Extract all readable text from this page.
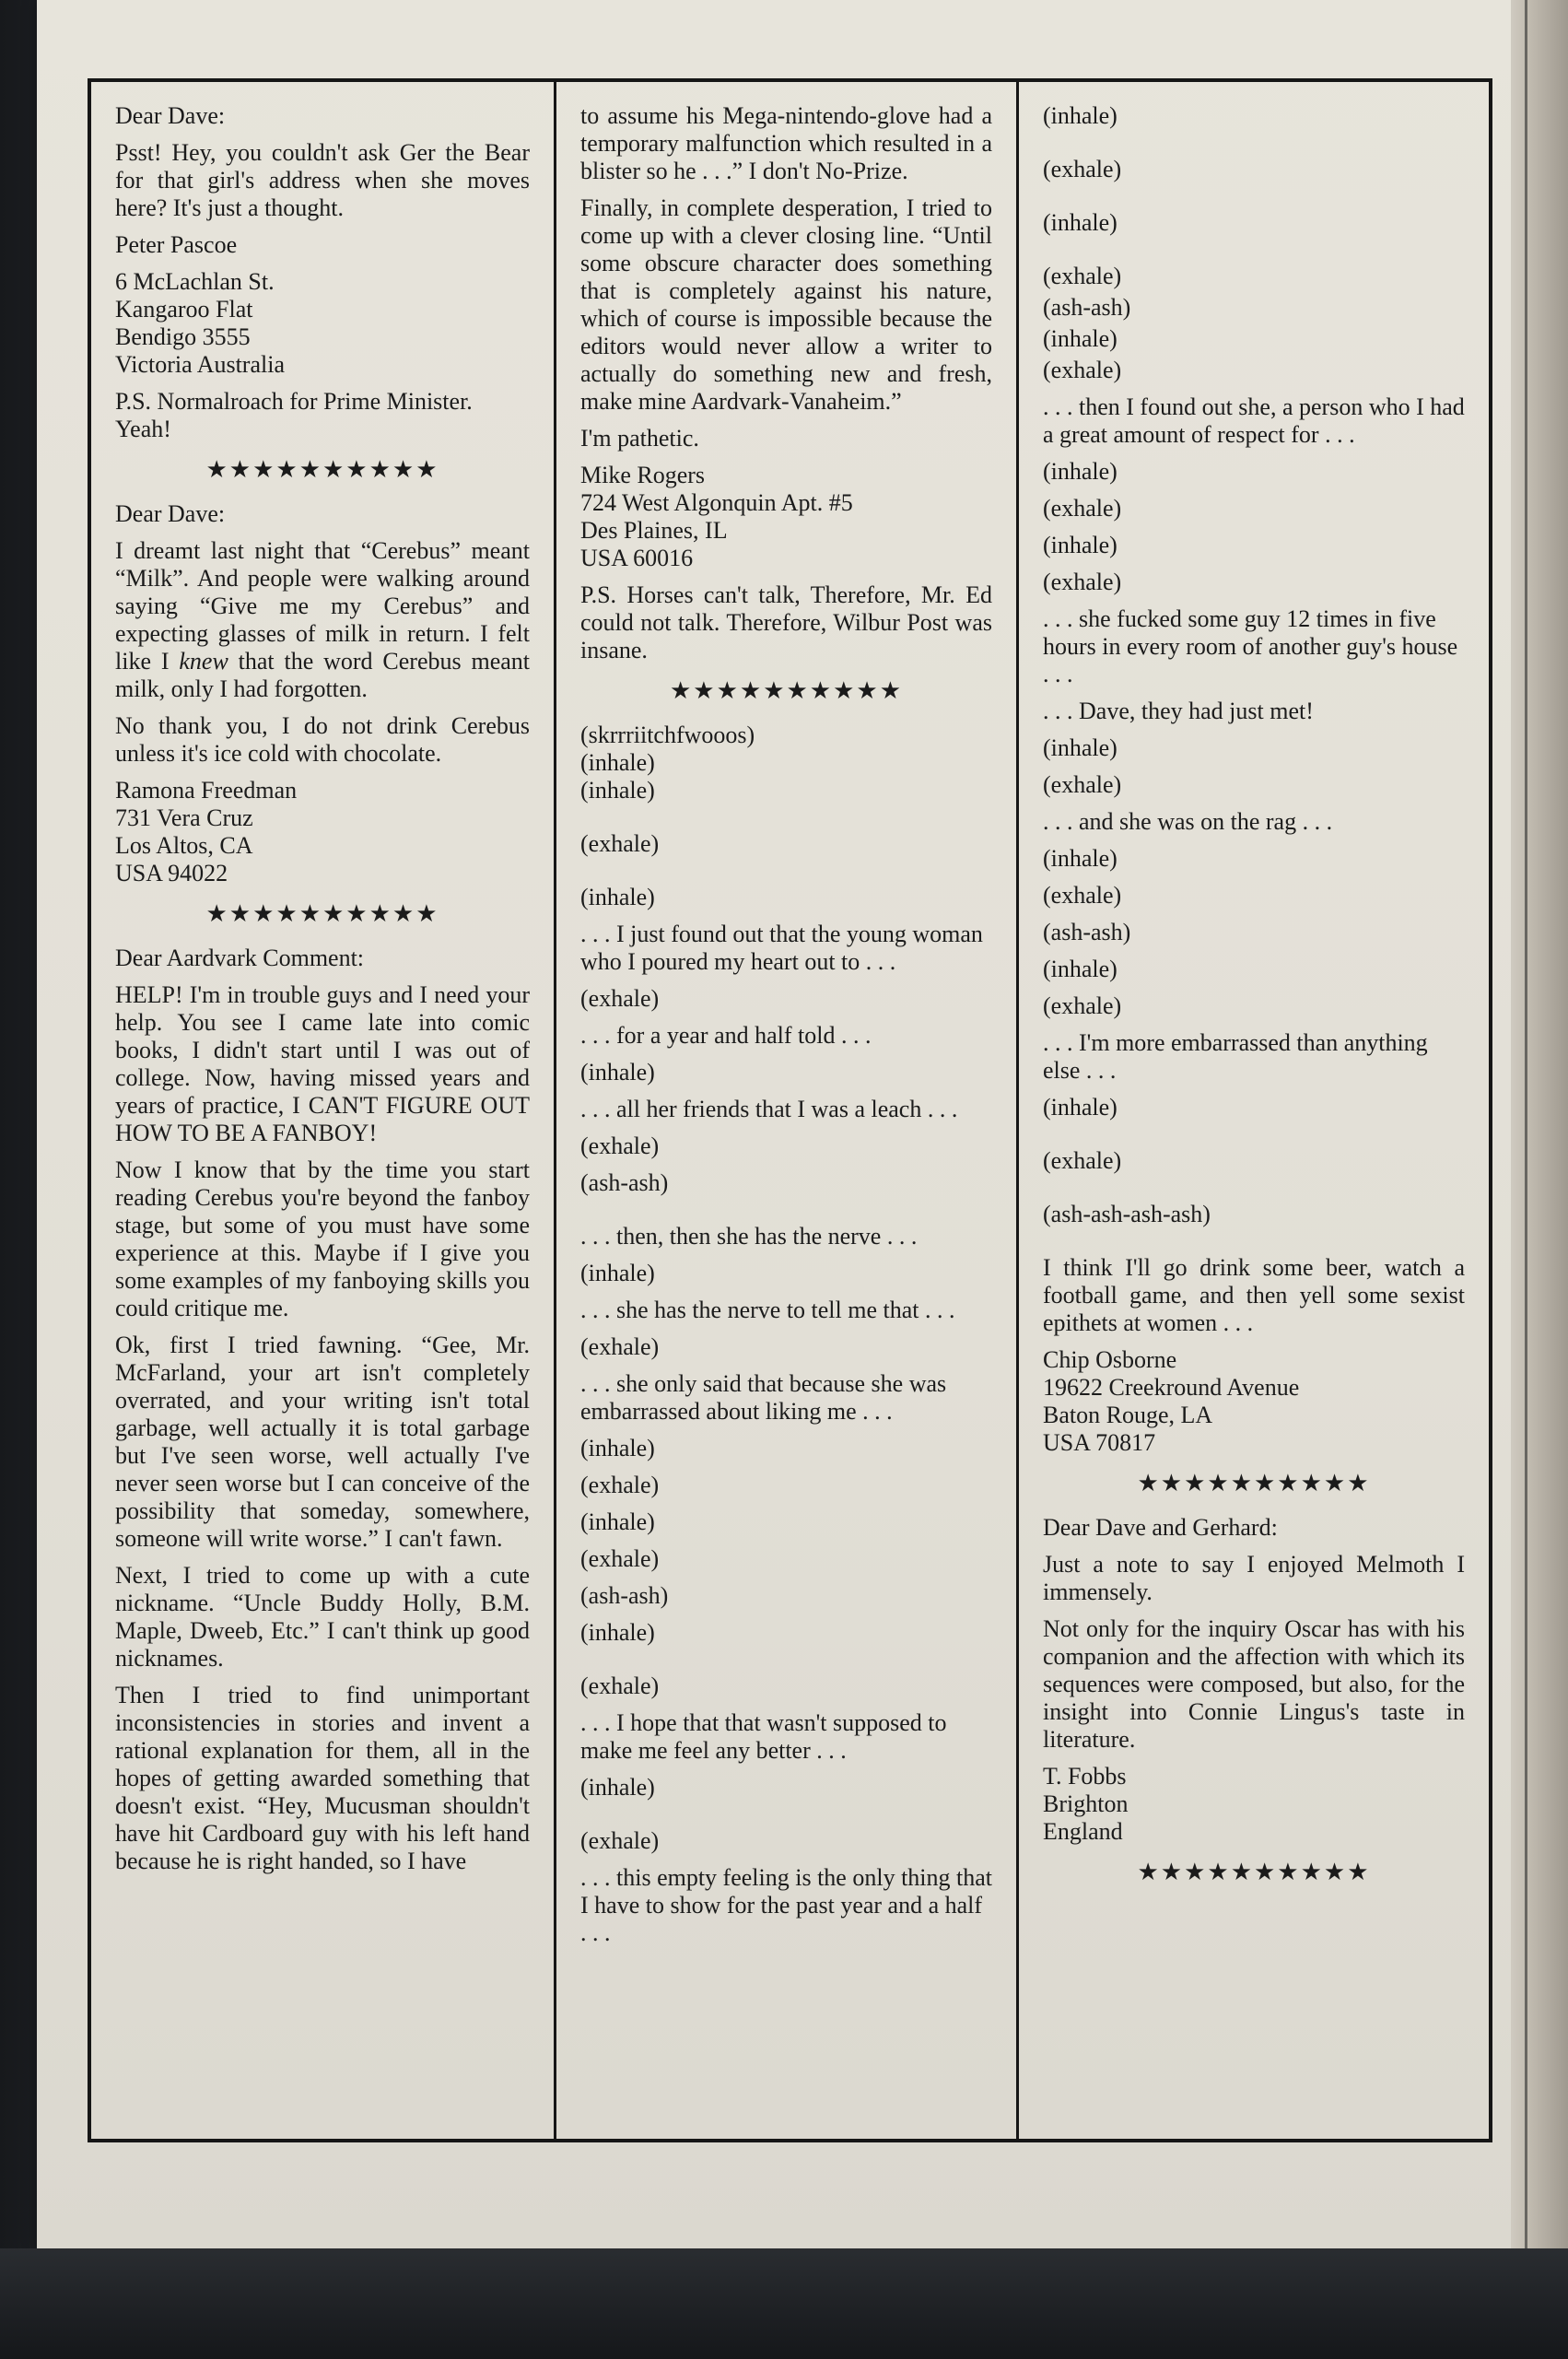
Dear Dave:

Psst! Hey, you couldn't ask Ger the Bear for that girl's address when she moves here? It's just a thought.

Peter Pascoe

6 McLachlan St.
Kangaroo Flat
Bendigo 3555
Victoria Australia

P.S. Normalroach for Prime Minister. Yeah!

★★★★★★★★★★

Dear Dave:

I dreamt last night that “Cerebus” meant “Milk”. And people were walking around saying “Give me my Cerebus” and expecting glasses of milk in return. I felt like I knew that the word Cerebus meant milk, only I had forgotten.

No thank you, I do not drink Cerebus unless it's ice cold with chocolate.

Ramona Freedman

731 Vera Cruz
Los Altos, CA
USA 94022
★★★★★★★★★★

Dear Aardvark Comment:

HELP! I'm in trouble guys and I need your help. You see I came late into comic books, I didn't start until I was out of college. Now, having missed years and years of practice, I CAN'T FIGURE OUT HOW TO BE A FANBOY!

Now I know that by the time you start reading Cerebus you're beyond the fanboy stage, but some of you must have some experience at this. Maybe if I give you some examples of my fanboying skills you could critique me.

Ok, first I tried fawning. “Gee, Mr. McFarland, your art isn't completely overrated, and your writing isn't total garbage, well actually it is total garbage but I've seen worse, well actually I've never seen worse but I can conceive of the possibility that someday, somewhere, someone will write worse.” I can't fawn.

Next, I tried to come up with a cute nickname. “Uncle Buddy Holly, B.M. Maple, Dweeb, Etc.” I can't think up good nicknames.

Then I tried to find unimportant inconsistencies in stories and invent a rational explanation for them, all in the hopes of getting awarded something that doesn't exist. “Hey, Mucusman shouldn't have hit Cardboard guy with his left hand because he is right handed, so I have

to assume his Mega-nintendo-glove had a temporary malfunction which resulted in a blister so he . . .” I don't No-Prize.

Finally, in complete desperation, I tried to come up with a clever closing line. “Until some obscure character does something that is completely against his nature, which of course is impossible because the editors would never allow a writer to actually do something new and fresh, make mine Aardvark-Vanaheim.”

I'm pathetic.

Mike Rogers
724 West Algonquin Apt. #5
Des Plaines, IL
USA 60016

P.S. Horses can't talk, Therefore, Mr. Ed could not talk. Therefore, Wilbur Post was insane.

★★★★★★★★★★
(skrrriitchfwooos)
(inhale)
(inhale)
(exhale)
(inhale)
. . . I just found out that the young woman who I poured my heart out to . . .
(exhale)
. . . for a year and half told . . .
(inhale)
. . . all her friends that I was a leach . . .
(exhale)
(ash-ash)
. . . then, then she has the nerve . . .
(inhale)
. . . she has the nerve to tell me that . . .
(exhale)
. . . she only said that because she was embarrassed about liking me . . .
(inhale)
(exhale)
(inhale)
(exhale)
(ash-ash)
(inhale)
(exhale)
. . . I hope that that wasn't supposed to make me feel any better . . .
(inhale)
(exhale)
. . . this empty feeling is the only thing that I have to show for the past year and a half . . .
(inhale)
(exhale)
(inhale)
(exhale)
(ash-ash)
(inhale)
(exhale)
. . . then I found out she, a person who I had a great amount of respect for . . .
(inhale)
(exhale)
(inhale)
(exhale)
. . . she fucked some guy 12 times in five hours in every room of another guy's house . . .
. . . Dave, they had just met!
(inhale)
(exhale)
. . . and she was on the rag . . .
(inhale)
(exhale)
(ash-ash)
(inhale)
(exhale)
. . . I'm more embarrassed than anything else . . .
(inhale)
(exhale)
(ash-ash-ash-ash)

I think I'll go drink some beer, watch a football game, and then yell some sexist epithets at women . . .

Chip Osborne
19622 Creekround Avenue
Baton Rouge, LA
USA 70817
★★★★★★★★★★

Dear Dave and Gerhard:

Just a note to say I enjoyed Melmoth I immensely.

Not only for the inquiry Oscar has with his companion and the affection with which its sequences were composed, but also, for the insight into Connie Lingus's taste in literature.

T. Fobbs
Brighton
England
★★★★★★★★★★
